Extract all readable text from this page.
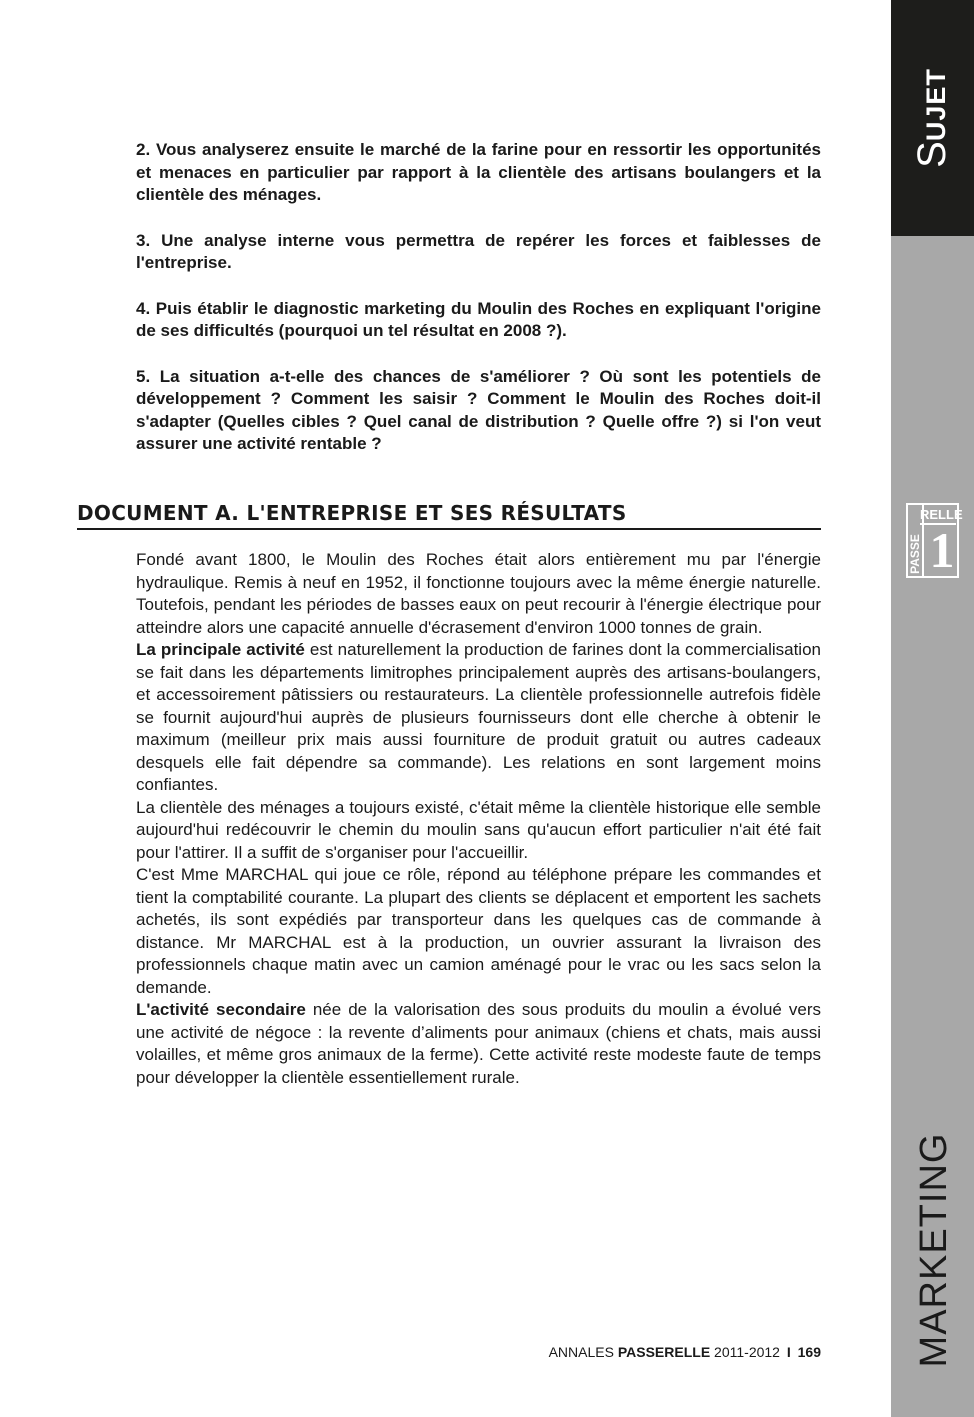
SUJET
PASSE
RELLE
1
MARKETING

2. Vous analyserez ensuite le marché de la farine pour en ressortir les opportunités et menaces en particulier par rapport à la clientèle des artisans boulangers et la clientèle des ménages.

3. Une analyse interne vous permettra de repérer les forces et faiblesses de l'entreprise.

4. Puis établir le diagnostic marketing du Moulin des Roches en expliquant l'origine de ses difficultés (pourquoi un tel résultat en 2008 ?).

5. La situation a-t-elle des chances de s'améliorer ? Où sont les potentiels de développement ? Comment les saisir ? Comment le Moulin des Roches doit-il s'adapter (Quelles cibles ? Quel canal de distribution ? Quelle offre ?) si l'on veut assurer une activité rentable ?

DOCUMENT A. L'ENTREPRISE ET SES RÉSULTATS

Fondé avant 1800, le Moulin des Roches était alors entièrement mu par l'énergie hydraulique. Remis à neuf en 1952, il fonctionne toujours avec la même énergie naturelle. Toutefois, pendant les périodes de basses eaux on peut recourir à l'énergie électrique pour atteindre alors une capacité annuelle d'écrasement d'environ 1000 tonnes de grain.

La principale activité est naturellement la production de farines dont la commercialisation se fait dans les départements limitrophes principalement auprès des artisans-boulangers, et accessoirement pâtissiers ou restaurateurs. La clientèle professionnelle autrefois fidèle se fournit aujourd'hui auprès de plusieurs fournisseurs dont elle cherche à obtenir le maximum (meilleur prix mais aussi fourniture de produit gratuit ou autres cadeaux desquels elle fait dépendre sa commande). Les relations en sont largement moins confiantes.

La clientèle des ménages a toujours existé, c'était même la clientèle historique elle semble aujourd'hui redécouvrir le chemin du moulin sans qu'aucun effort particulier n'ait été fait pour l'attirer. Il a suffit de s'organiser pour l'accueillir.

C'est Mme MARCHAL qui joue ce rôle, répond au téléphone prépare les commandes et tient la comptabilité courante. La plupart des clients se déplacent et emportent les sachets achetés, ils sont expédiés par transporteur dans les quelques cas de commande à distance. Mr MARCHAL est à la production, un ouvrier assurant la livraison des professionnels chaque matin avec un camion aménagé pour le vrac ou les sacs selon la demande.

L'activité secondaire née de la valorisation des sous produits du moulin a évolué vers une activité de négoce : la revente d’aliments pour animaux (chiens et chats, mais aussi volailles, et même gros animaux de la ferme). Cette activité reste modeste faute de temps pour développer la clientèle essentiellement rurale.

ANNALES PASSERELLE 2011-2012 I 169
